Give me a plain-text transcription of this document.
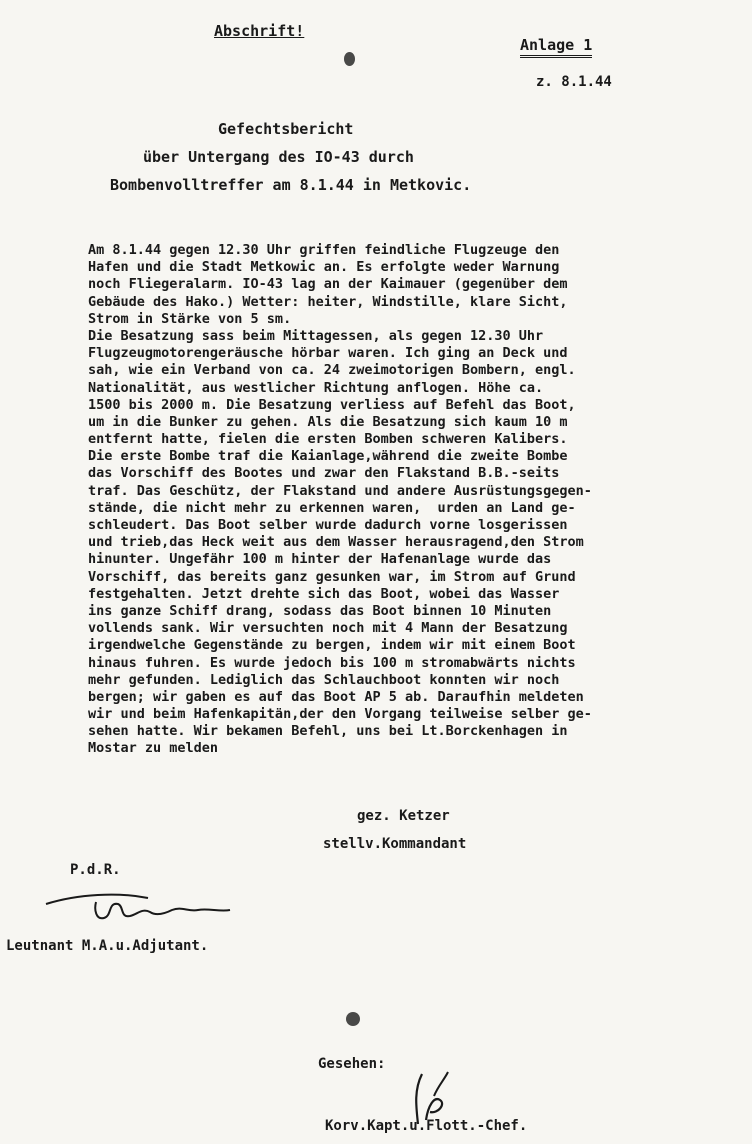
Abschrift!
Anlage 1
z. 8.1.44
Gefechtsbericht
über Untergang des IO-43 durch
Bombenvolltreffer am 8.1.44 in Metkovic.
Am 8.1.44 gegen 12.30 Uhr griffen feindliche Flugzeuge den
Hafen und die Stadt Metkowic an. Es erfolgte weder Warnung
noch Fliegeralarm. IO-43 lag an der Kaimauer (gegenüber dem
Gebäude des Hako.) Wetter: heiter, Windstille, klare Sicht,
Strom in Stärke von 5 sm.
Die Besatzung sass beim Mittagessen, als gegen 12.30 Uhr
Flugzeugmotorengeräusche hörbar waren. Ich ging an Deck und
sah, wie ein Verband von ca. 24 zweimotorigen Bombern, engl.
Nationalität, aus westlicher Richtung anflogen. Höhe ca.
1500 bis 2000 m. Die Besatzung verliess auf Befehl das Boot,
um in die Bunker zu gehen. Als die Besatzung sich kaum 10 m
entfernt hatte, fielen die ersten Bomben schweren Kalibers.
Die erste Bombe traf die Kaianlage,während die zweite Bombe
das Vorschiff des Bootes und zwar den Flakstand B.B.-seits
traf. Das Geschütz, der Flakstand und andere Ausrüstungsgegen-
stände, die nicht mehr zu erkennen waren,  urden an Land ge-
schleudert. Das Boot selber wurde dadurch vorne losgerissen
und trieb,das Heck weit aus dem Wasser herausragend,den Strom
hinunter. Ungefähr 100 m hinter der Hafenanlage wurde das
Vorschiff, das bereits ganz gesunken war, im Strom auf Grund
festgehalten. Jetzt drehte sich das Boot, wobei das Wasser
ins ganze Schiff drang, sodass das Boot binnen 10 Minuten
vollends sank. Wir versuchten noch mit 4 Mann der Besatzung
irgendwelche Gegenstände zu bergen, indem wir mit einem Boot
hinaus fuhren. Es wurde jedoch bis 100 m stromabwärts nichts
mehr gefunden. Lediglich das Schlauchboot konnten wir noch
bergen; wir gaben es auf das Boot AP 5 ab. Daraufhin meldeten
wir und beim Hafenkapitän,der den Vorgang teilweise selber ge-
sehen hatte. Wir bekamen Befehl, uns bei Lt.Borckenhagen in
Mostar zu melden
gez. Ketzer
stellv.Kommandant
P.d.R.
Leutnant M.A.u.Adjutant.
Gesehen:
Korv.Kapt.u.Flott.-Chef.
